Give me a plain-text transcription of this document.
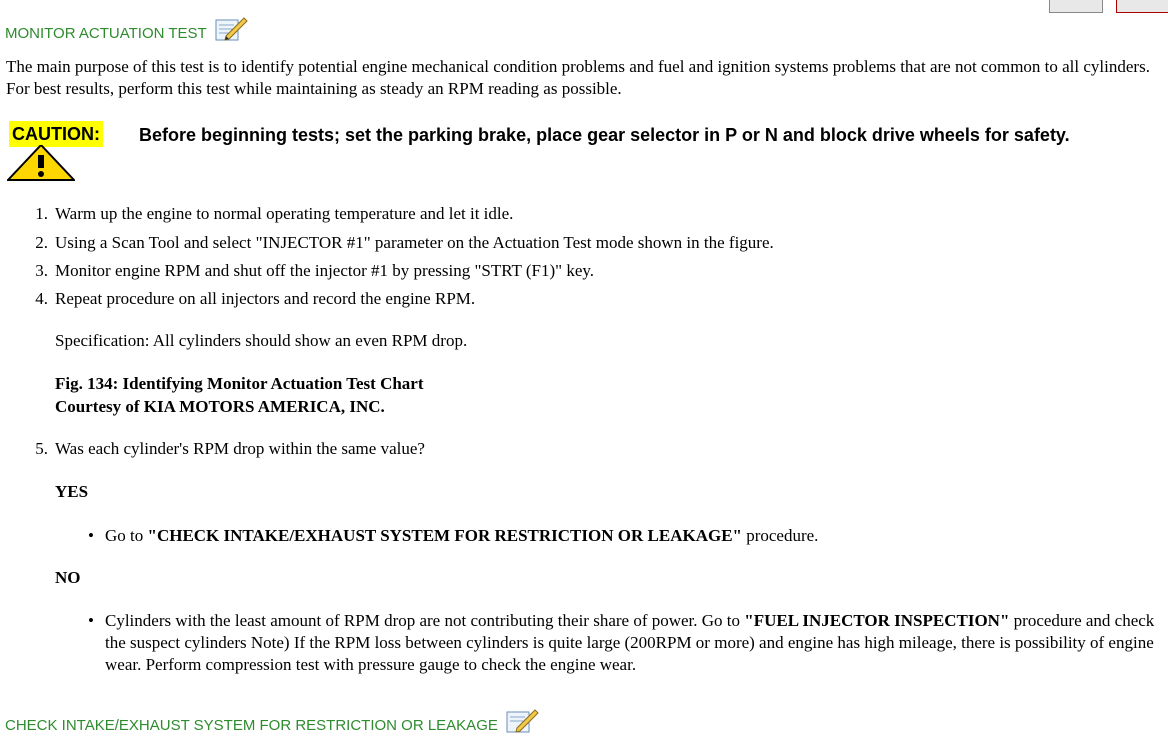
MONITOR ACTUATION TEST
The main purpose of this test is to identify potential engine mechanical condition problems and fuel and ignition systems problems that are not common to all cylinders. For best results, perform this test while maintaining as steady an RPM reading as possible.
CAUTION: Before beginning tests; set the parking brake, place gear selector in P or N and block drive wheels for safety.
1. Warm up the engine to normal operating temperature and let it idle.
2. Using a Scan Tool and select "INJECTOR #1" parameter on the Actuation Test mode shown in the figure.
3. Monitor engine RPM and shut off the injector #1 by pressing "STRT (F1)" key.
4. Repeat procedure on all injectors and record the engine RPM.
Specification: All cylinders should show an even RPM drop.
Fig. 134: Identifying Monitor Actuation Test Chart
Courtesy of KIA MOTORS AMERICA, INC.
5. Was each cylinder's RPM drop within the same value?
YES
• Go to "CHECK INTAKE/EXHAUST SYSTEM FOR RESTRICTION OR LEAKAGE" procedure.
NO
• Cylinders with the least amount of RPM drop are not contributing their share of power. Go to "FUEL INJECTOR INSPECTION" procedure and check the suspect cylinders Note) If the RPM loss between cylinders is quite large (200RPM or more) and engine has high mileage, there is possibility of engine wear. Perform compression test with pressure gauge to check the engine wear.
CHECK INTAKE/EXHAUST SYSTEM FOR RESTRICTION OR LEAKAGE
